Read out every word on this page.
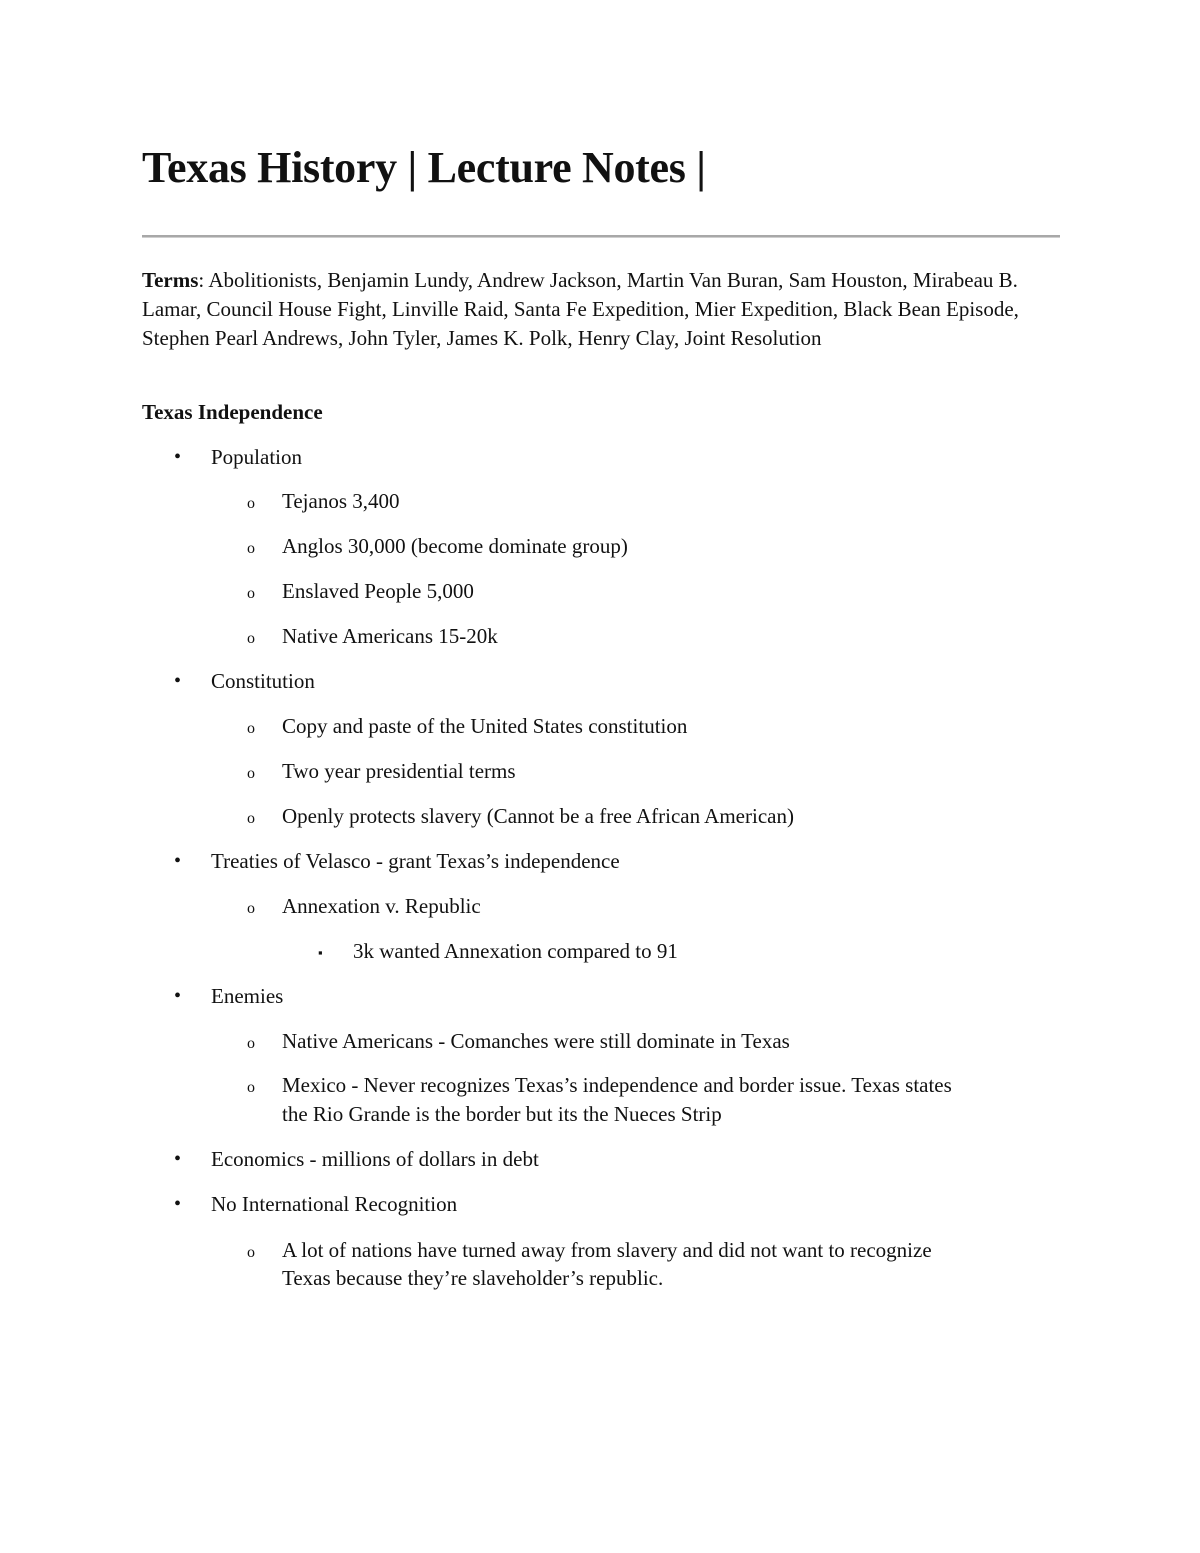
Texas History | Lecture Notes |

Terms: Abolitionists, Benjamin Lundy, Andrew Jackson, Martin Van Buran, Sam Houston, Mirabeau B. Lamar, Council House Fight, Linville Raid, Santa Fe Expedition, Mier Expedition, Black Bean Episode, Stephen Pearl Andrews, John Tyler, James K. Polk, Henry Clay, Joint Resolution

Texas Independence
• Population
o Tejanos 3,400
o Anglos 30,000 (become dominate group)
o Enslaved People 5,000
o Native Americans 15-20k
• Constitution
o Copy and paste of the United States constitution
o Two year presidential terms
o Openly protects slavery (Cannot be a free African American)
• Treaties of Velasco - grant Texas’s independence
o Annexation v. Republic
▪ 3k wanted Annexation compared to 91
• Enemies
o Native Americans - Comanches were still dominate in Texas
o Mexico - Never recognizes Texas’s independence and border issue. Texas states
the Rio Grande is the border but its the Nueces Strip
• Economics - millions of dollars in debt
• No International Recognition
o A lot of nations have turned away from slavery and did not want to recognize
Texas because they’re slaveholder’s republic.
